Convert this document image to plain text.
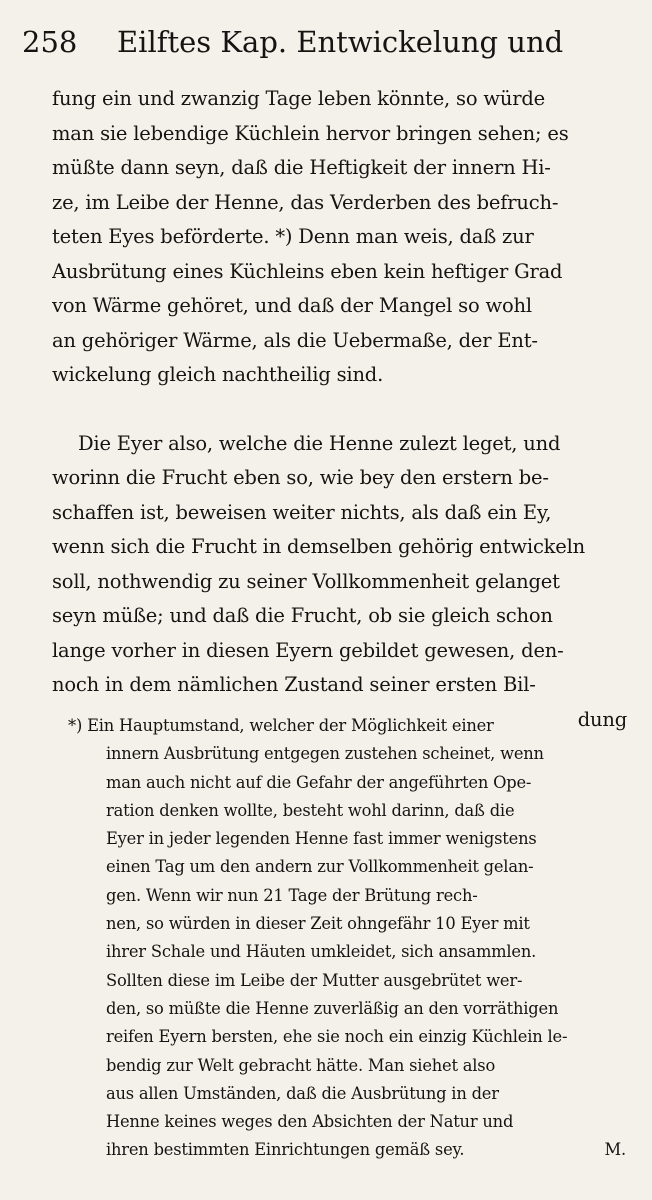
258 Eilftes Kap. Entwickelung und
fung ein und zwanzig Tage leben könnte, so würde
man sie lebendige Küchlein hervor bringen sehen; es
müßte dann seyn, daß die Heftigkeit der innern Hi-
ze, im Leibe der Henne, das Verderben des befruch-
teten Eyes beförderte. *) Denn man weis, daß zur
Ausbrütung eines Küchleins eben kein heftiger Grad
von Wärme gehöret, und daß der Mangel so wohl
an gehöriger Wärme, als die Uebermaße, der Ent-
wickelung gleich nachtheilig sind.
Die Eyer also, welche die Henne zulezt leget, und
worinn die Frucht eben so, wie bey den erstern be-
schaffen ist, beweisen weiter nichts, als daß ein Ey,
wenn sich die Frucht in demselben gehörig entwickeln
soll, nothwendig zu seiner Vollkommenheit gelanget
seyn müße; und daß die Frucht, ob sie gleich schon
lange vorher in diesen Eyern gebildet gewesen, den-
noch in dem nämlichen Zustand seiner ersten Bil-
dung
*) Ein Hauptumstand, welcher der Möglichkeit einer
innern Ausbrütung entgegen zustehen scheinet, wenn
man auch nicht auf die Gefahr der angeführten Ope-
ration denken wollte, besteht wohl darinn, daß die
Eyer in jeder legenden Henne fast immer wenigstens
einen Tag um den andern zur Vollkommenheit gelan-
gen. Wenn wir nun 21 Tage der Brütung rech-
nen, so würden in dieser Zeit ohngefähr 10 Eyer mit
ihrer Schale und Häuten umkleidet, sich ansammlen.
Sollten diese im Leibe der Mutter ausgebrütet wer-
den, so müßte die Henne zuverläßig an den vorräthigen
reifen Eyern bersten, ehe sie noch ein einzig Küchlein le-
bendig zur Welt gebracht hätte. Man siehet also
aus allen Umständen, daß die Ausbrütung in der
Henne keines weges den Absichten der Natur und
ihren bestimmten Einrichtungen gemäß sey.	M.
